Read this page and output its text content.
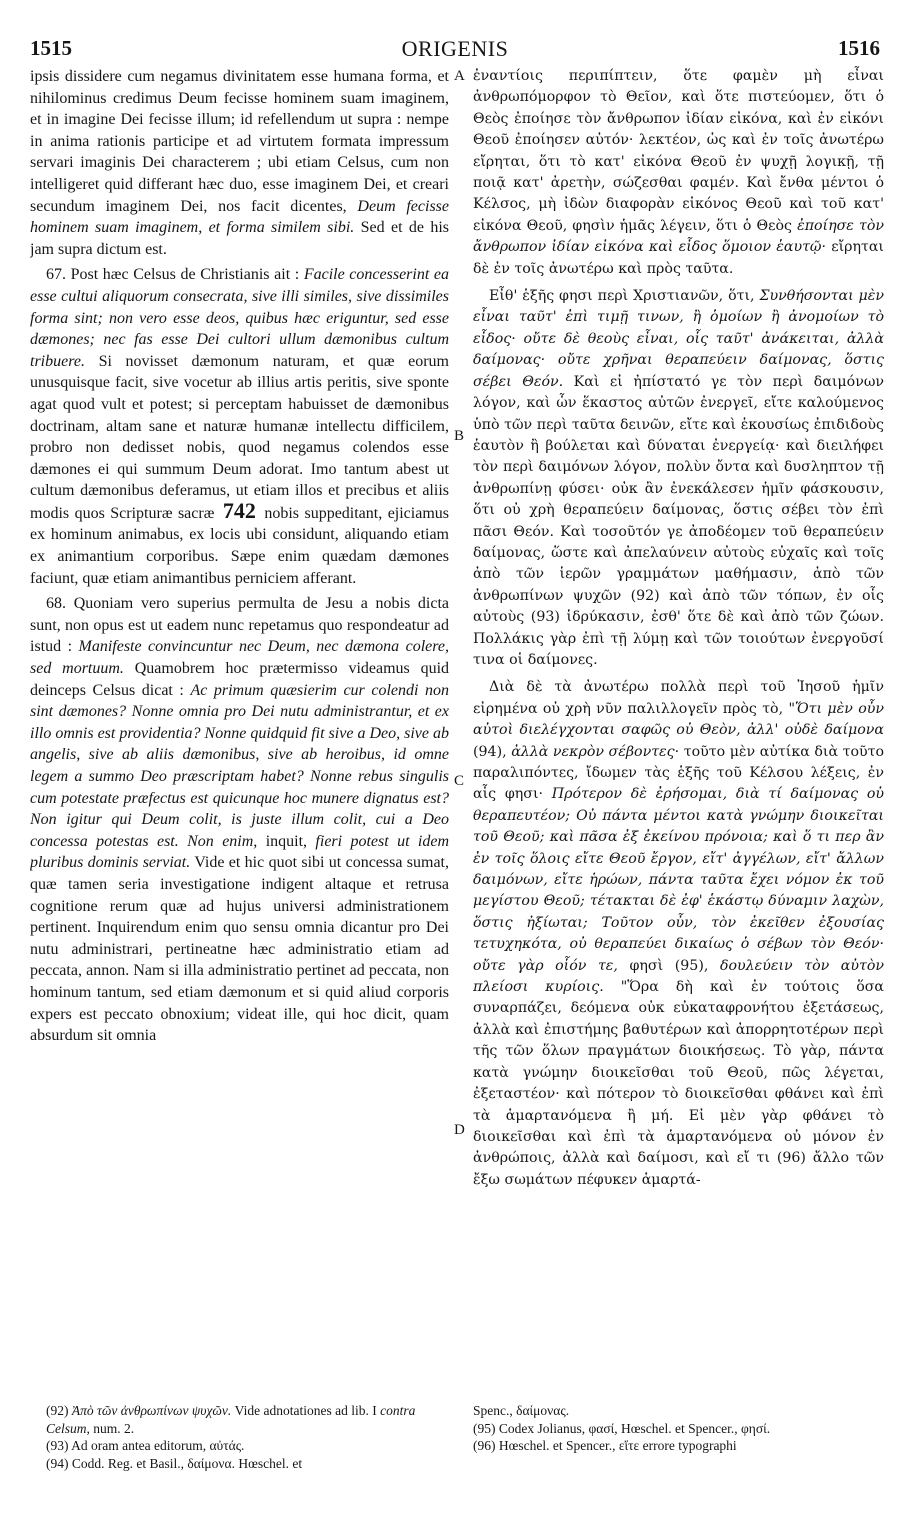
1515	ORIGENIS	1516
A
B
C
D

ipsis dissidere cum negamus divinitatem esse humana forma, et nihilominus credimus Deum fecisse hominem suam imaginem, et in imagine Dei fecisse illum; id refellendum ut supra : nempe in anima rationis participe et ad virtutem formata impressum servari imaginis Dei characterem ; ubi etiam Celsus, cum non intelligeret quid differant hæc duo, esse imaginem Dei, et creari secundum imaginem Dei, nos facit dicentes, Deum fecisse hominem suam imaginem, et forma similem sibi. Sed et de his jam supra dictum est.

67. Post hæc Celsus de Christianis ait : Facile concesserint ea esse cultui aliquorum consecrata, sive illi similes, sive dissimiles forma sint; non vero esse deos, quibus hæc eriguntur, sed esse dæmones; nec fas esse Dei cultori ullum dæmonibus cultum tribuere. Si novisset dæmonum naturam, et quæ eorum unusquisque facit, sive vocetur ab illius artis peritis, sive sponte agat quod vult et potest; si perceptam habuisset de dæmonibus doctrinam, altam sane et naturæ humanæ intellectu difficilem, probro non dedisset nobis, quod negamus colendos esse dæmones ei qui summum Deum adorat. Imo tantum abest ut cultum dæmonibus deferamus, ut etiam illos et precibus et aliis modis quos Scripturæ sacræ 742 nobis suppeditant, ejiciamus ex hominum animabus, ex locis ubi considunt, aliquando etiam ex animantium corporibus. Sæpe enim quædam dæmones faciunt, quæ etiam animantibus perniciem afferant.

68. Quoniam vero superius permulta de Jesu a nobis dicta sunt, non opus est ut eadem nunc repetamus quo respondeatur ad istud : Manifeste convincuntur nec Deum, nec dæmona colere, sed mortuum. Quamobrem hoc prætermisso videamus quid deinceps Celsus dicat : Ac primum quæsierim cur colendi non sint dæmones? Nonne omnia pro Dei nutu administrantur, et ex illo omnis est providentia? Nonne quidquid fit sive a Deo, sive ab angelis, sive ab aliis dæmonibus, sive ab heroibus, id omne legem a summo Deo præscriptam habet? Nonne rebus singulis cum potestate præfectus est quicunque hoc munere dignatus est? Non igitur qui Deum colit, is juste illum colit, cui a Deo concessa potestas est. Non enim, inquit, fieri potest ut idem pluribus dominis serviat. Vide et hic quot sibi ut concessa sumat, quæ tamen seria investigatione indigent altaque et retrusa cognitione rerum quæ ad hujus universi administrationem pertinent. Inquirendum enim quo sensu omnia dicantur pro Dei nutu administrari, pertineatne hæc administratio etiam ad peccata, annon. Nam si illa administratio pertinet ad peccata, non hominum tantum, sed etiam dæmonum et si quid aliud corporis expers est peccato obnoxium; videat ille, qui hoc dicit, quam absurdum sit omnia

ἐναντίοις περιπίπτειν, ὅτε φαμὲν μὴ εἶναι ἀνθρωπόμορφον τὸ Θεῖον, καὶ ὅτε πιστεύομεν, ὅτι ὁ Θεὸς ἐποίησε τὸν ἄνθρωπον ἰδίαν εἰκόνα, καὶ ἐν εἰκόνι Θεοῦ ἐποίησεν αὐτόν· λεκτέον, ὡς καὶ ἐν τοῖς ἀνωτέρω εἴρηται, ὅτι τὸ κατ' εἰκόνα Θεοῦ ἐν ψυχῇ λογικῇ, τῇ ποιᾷ κατ' ἀρετὴν, σώζεσθαι φαμέν. Καὶ ἔνθα μέντοι ὁ Κέλσος, μὴ ἰδὼν διαφορὰν εἰκόνος Θεοῦ καὶ τοῦ κατ' εἰκόνα Θεοῦ, φησὶν ἡμᾶς λέγειν, ὅτι ὁ Θεὸς ἐποίησε τὸν ἄνθρωπον ἰδίαν εἰκόνα καὶ εἶδος ὅμοιον ἑαυτῷ· εἴρηται δὲ ἐν τοῖς ἀνωτέρω καὶ πρὸς ταῦτα.

Εἶθ' ἑξῆς φησι περὶ Χριστιανῶν, ὅτι, Συνθήσονται μὲν εἶναι ταῦτ' ἐπὶ τιμῇ τινων, ἢ ὁμοίων ἢ ἀνομοίων τὸ εἶδος· οὔτε δὲ θεοὺς εἶναι, οἷς ταῦτ' ἀνάκειται, ἀλλὰ δαίμονας· οὔτε χρῆναι θεραπεύειν δαίμονας, ὅστις σέβει Θεόν. Καὶ εἰ ἠπίστατό γε τὸν περὶ δαιμόνων λόγον, καὶ ὧν ἕκαστος αὐτῶν ἐνεργεῖ, εἴτε καλούμενος ὑπὸ τῶν περὶ ταῦτα δεινῶν, εἴτε καὶ ἑκουσίως ἐπιδιδοὺς ἑαυτὸν ἢ βούλεται καὶ δύναται ἐνεργείᾳ· καὶ διειλήφει τὸν περὶ δαιμόνων λόγον, πολὺν ὄντα καὶ δυσληπτον τῇ ἀνθρωπίνῃ φύσει· οὐκ ἂν ἐνεκάλεσεν ἡμῖν φάσκουσιν, ὅτι οὐ χρὴ θεραπεύειν δαίμονας, ὅστις σέβει τὸν ἐπὶ πᾶσι Θεόν. Καὶ τοσοῦτόν γε ἀποδέομεν τοῦ θεραπεύειν δαίμονας, ὥστε καὶ ἀπελαύνειν αὐτοὺς εὐχαῖς καὶ τοῖς ἀπὸ τῶν ἱερῶν γραμμάτων μαθήμασιν, ἀπὸ τῶν ἀνθρωπίνων ψυχῶν (92) καὶ ἀπὸ τῶν τόπων, ἐν οἷς αὐτοὺς (93) ἱδρύκασιν, ἐσθ' ὅτε δὲ καὶ ἀπὸ τῶν ζώων. Πολλάκις γὰρ ἐπὶ τῇ λύμῃ καὶ τῶν τοιούτων ἐνεργοῦσί τινα οἱ δαίμονες.

Διὰ δὲ τὰ ἀνωτέρω πολλὰ περὶ τοῦ Ἰησοῦ ἡμῖν εἰρημένα οὐ χρὴ νῦν παλιλλογεῖν πρὸς τὸ, "Ὅτι μὲν οὖν αὐτοὶ διελέγχονται σαφῶς οὐ Θεὸν, ἀλλ' οὐδὲ δαίμονα (94), ἀλλὰ νεκρὸν σέβοντες· τοῦτο μὲν αὐτίκα διὰ τοῦτο παραλιπόντες, ἴδωμεν τὰς ἑξῆς τοῦ Κέλσου λέξεις, ἐν αἷς φησι· Πρότερον δὲ ἐρήσομαι, διὰ τί δαίμονας οὐ θεραπευτέον; Οὐ πάντα μέντοι κατὰ γνώμην διοικεῖται τοῦ Θεοῦ; καὶ πᾶσα ἐξ ἐκείνου πρόνοια; καὶ ὅ τι περ ἂν ἐν τοῖς ὅλοις εἴτε Θεοῦ ἔργον, εἴτ' ἀγγέλων, εἴτ' ἄλλων δαιμόνων, εἴτε ἡρώων, πάντα ταῦτα ἔχει νόμον ἐκ τοῦ μεγίστου Θεοῦ; τέτακται δὲ ἐφ' ἑκάστῳ δύναμιν λαχὼν, ὅστις ἠξίωται; Τοῦτον οὖν, τὸν ἐκεῖθεν ἐξουσίας τετυχηκότα, οὐ θεραπεύει δικαίως ὁ σέβων τὸν Θεόν· οὔτε γὰρ οἷόν τε, φησὶ (95), δουλεύειν τὸν αὐτὸν πλείοσι κυρίοις. "Ὅρα δὴ καὶ ἐν τούτοις ὅσα συναρπάζει, δεόμενα οὐκ εὐκαταφρονήτου ἐξετάσεως, ἀλλὰ καὶ ἐπιστήμης βαθυτέρων καὶ ἀπορρητοτέρων περὶ τῆς τῶν ὅλων πραγμάτων διοικήσεως. Τὸ γὰρ, πάντα κατὰ γνώμην διοικεῖσθαι τοῦ Θεοῦ, πῶς λέγεται, ἐξεταστέον· καὶ πότερον τὸ διοικεῖσθαι φθάνει καὶ ἐπὶ τὰ ἁμαρτανόμενα ἢ μή. Εἰ μὲν γὰρ φθάνει τὸ διοικεῖσθαι καὶ ἐπὶ τὰ ἁμαρτανόμενα οὐ μόνον ἐν ἀνθρώποις, ἀλλὰ καὶ δαίμοσι, καὶ εἴ τι (96) ἄλλο τῶν ἔξω σωμάτων πέφυκεν ἁμαρτά-

(92) Ἀπὸ τῶν ἀνθρωπίνων ψυχῶν. Vide adnotationes ad lib. I contra Celsum, num. 2.
(93) Ad oram antea editorum, αὐτάς.
(94) Codd. Reg. et Basil., δαίμονα. Hœschel. et
Spenc., δαίμονας.
(95) Codex Jolianus, φασί, Hœschel. et Spencer., φησί.
(96) Hœschel. et Spencer., εἴτε errore typographi
